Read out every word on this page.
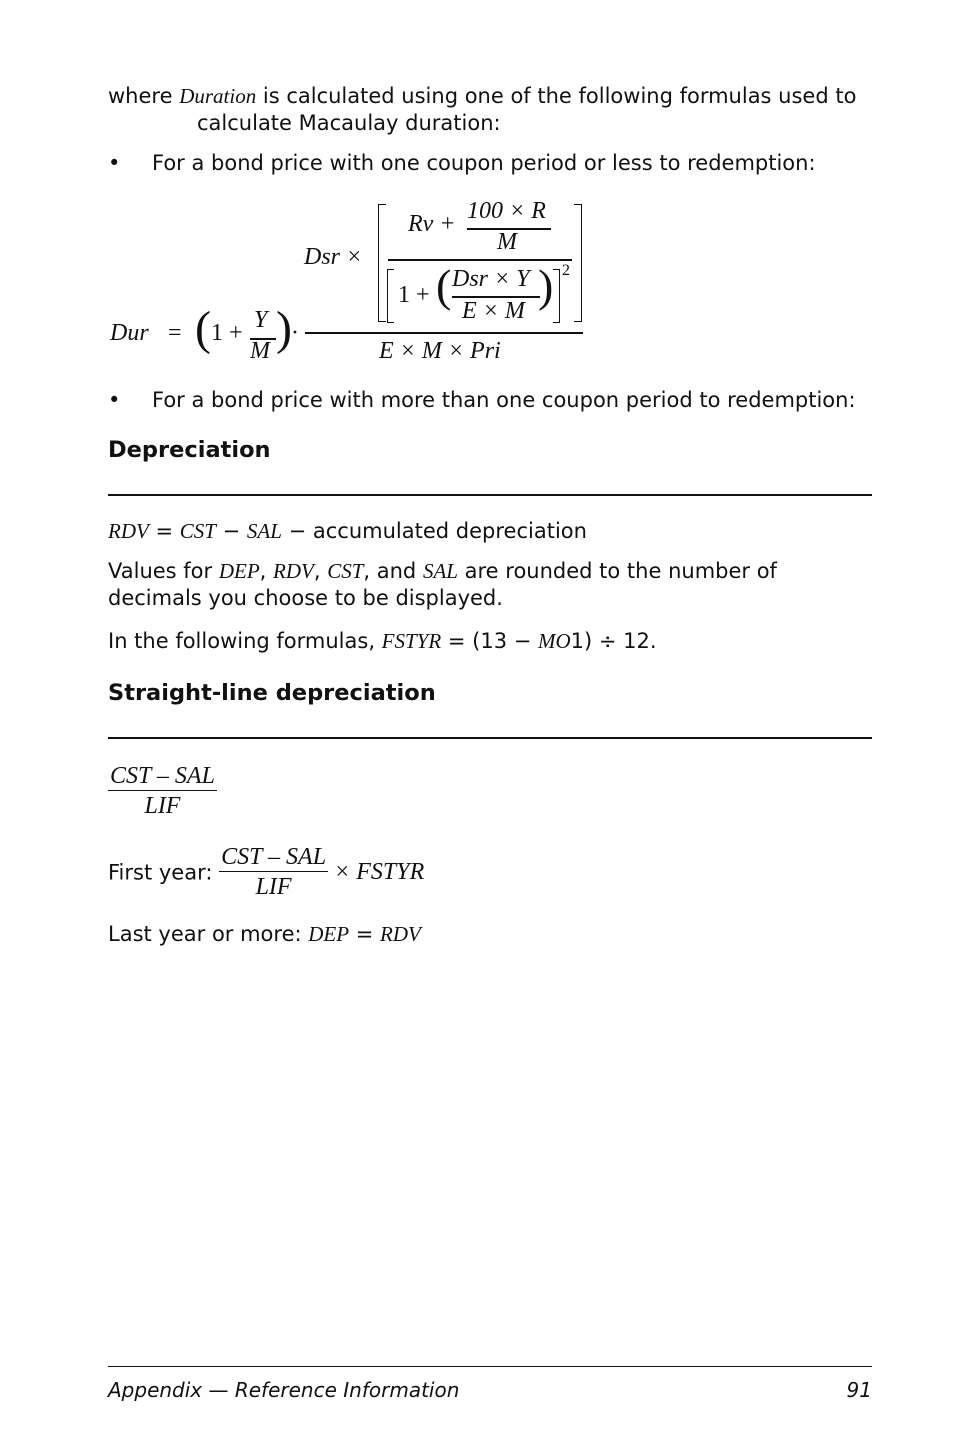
where Duration is calculated using one of the following formulas used to
calculate Macaulay duration:
• For a bond price with one coupon period or less to redemption:
Dur = ( 1 + Y
M ) ·
E × M × Pri
Dsr ×
Rv + 100 × R
M
1 + ( Dsr × Y
E × M ) 2
• For a bond price with more than one coupon period to redemption:
Depreciation
RDV = CST − SAL − accumulated depreciation
Values for DEP, RDV, CST, and SAL are rounded to the number of
decimals you choose to be displayed.
In the following formulas, FSTYR = (13 − MO1) ÷ 12.
Straight-line depreciation
$\frac{\text{CST – SAL}}{\text{LIF}}$
First year: $\frac{\text{CST – SAL}}{\text{LIF}}$ × FSTYR
Last year or more: DEP = RDV
Appendix — Reference Information	91
